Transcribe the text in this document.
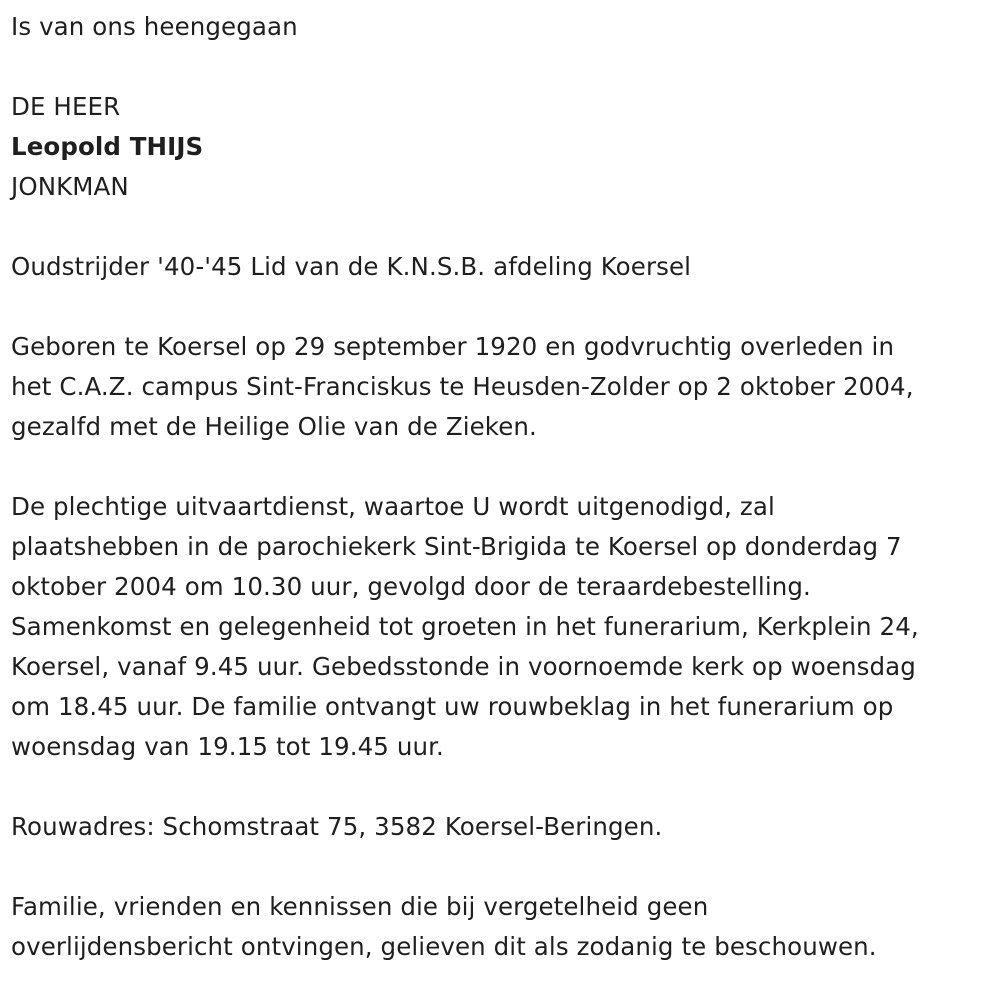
Is van ons heengegaan
DE HEER
Leopold THIJS
JONKMAN
Oudstrijder '40-'45 Lid van de K.N.S.B. afdeling Koersel
Geboren te Koersel op 29 september 1920 en godvruchtig overleden in
het C.A.Z. campus Sint-Franciskus te Heusden-Zolder op 2 oktober 2004,
gezalfd met de Heilige Olie van de Zieken.
De plechtige uitvaartdienst, waartoe U wordt uitgenodigd, zal
plaatshebben in de parochiekerk Sint-Brigida te Koersel op donderdag 7
oktober 2004 om 10.30 uur, gevolgd door de teraardebestelling.
Samenkomst en gelegenheid tot groeten in het funerarium, Kerkplein 24,
Koersel, vanaf 9.45 uur. Gebedsstonde in voornoemde kerk op woensdag
om 18.45 uur. De familie ontvangt uw rouwbeklag in het funerarium op
woensdag van 19.15 tot 19.45 uur.
Rouwadres: Schomstraat 75, 3582 Koersel-Beringen.
Familie, vrienden en kennissen die bij vergetelheid geen
overlijdensbericht ontvingen, gelieven dit als zodanig te beschouwen.
